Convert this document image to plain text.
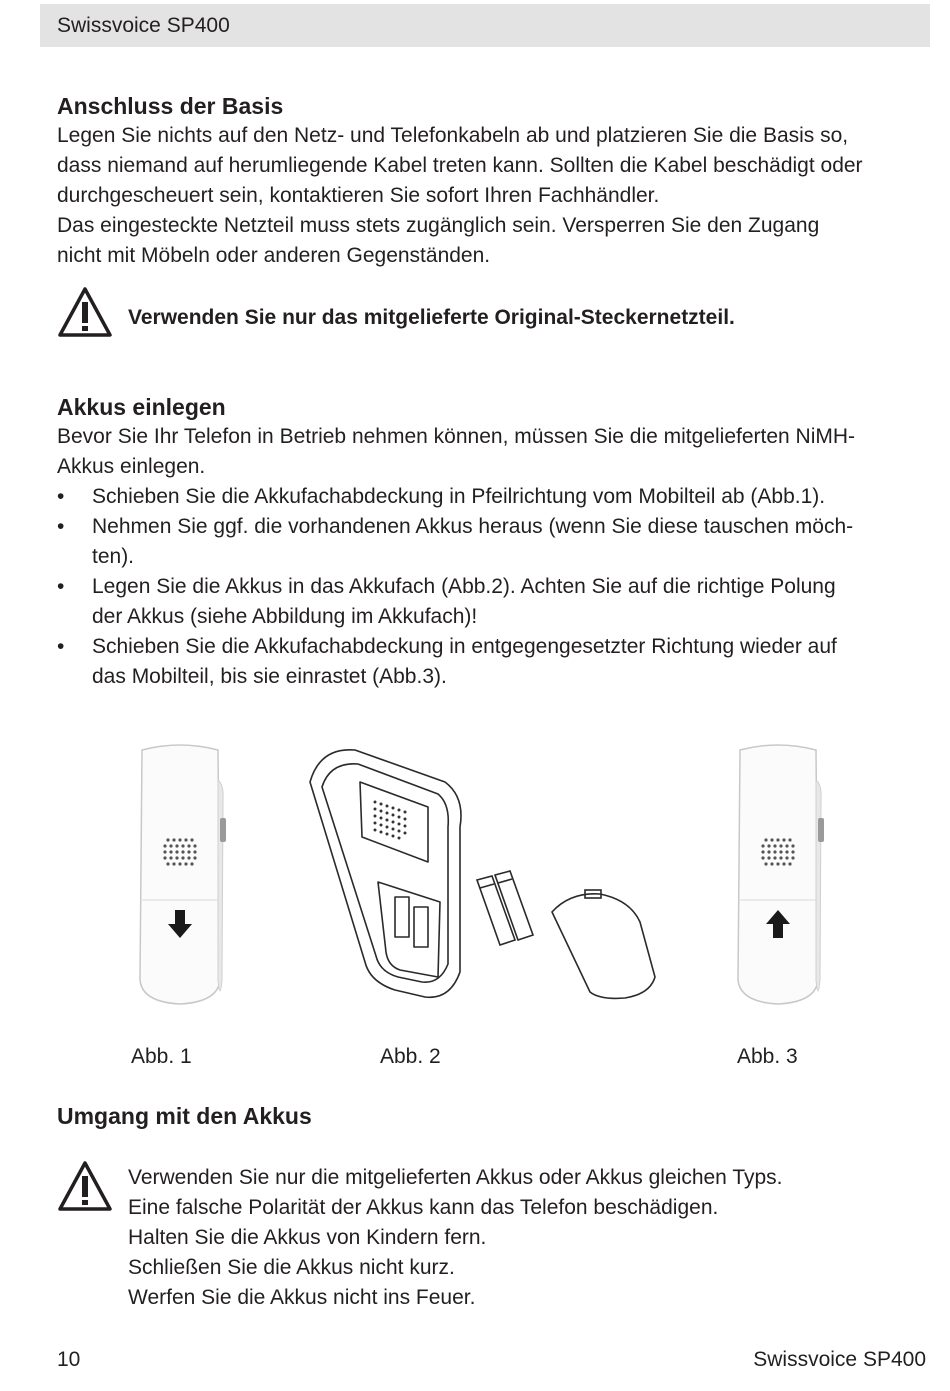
Swissvoice SP400
Anschluss der Basis

Legen Sie nichts auf den Netz- und Telefonkabeln ab und platzieren Sie die Basis so,

dass niemand auf herumliegende Kabel treten kann. Sollten die Kabel beschädigt oder

durchgescheuert sein, kontaktieren Sie sofort Ihren Fachhändler.

Das eingesteckte Netzteil muss stets zugänglich sein. Versperren Sie den Zugang

nicht mit Möbeln oder anderen Gegenständen.

Verwenden Sie nur das mitgelieferte Original-Steckernetzteil.
Akkus einlegen

Bevor Sie Ihr Telefon in Betrieb nehmen können, müssen Sie die mitgelieferten NiMH-

Akkus einlegen.

• Schieben Sie die Akkufachabdeckung in Pfeilrichtung vom Mobilteil ab (Abb.1).
• Nehmen Sie ggf. die vorhandenen Akkus heraus (wenn Sie diese tauschen möch-
ten).
• Legen Sie die Akkus in das Akkufach (Abb.2). Achten Sie auf die richtige Polung
der Akkus (siehe Abbildung im Akkufach)!
• Schieben Sie die Akkufachabdeckung in entgegengesetzter Richtung wieder auf
das Mobilteil, bis sie einrastet (Abb.3).
Abb. 1	Abb. 2	Abb. 3
Umgang mit den Akkus
Verwenden Sie nur die mitgelieferten Akkus oder Akkus gleichen Typs.
Eine falsche Polarität der Akkus kann das Telefon beschädigen.
Halten Sie die Akkus von Kindern fern.
Schließen Sie die Akkus nicht kurz.
Werfen Sie die Akkus nicht ins Feuer.
10	Swissvoice SP400
